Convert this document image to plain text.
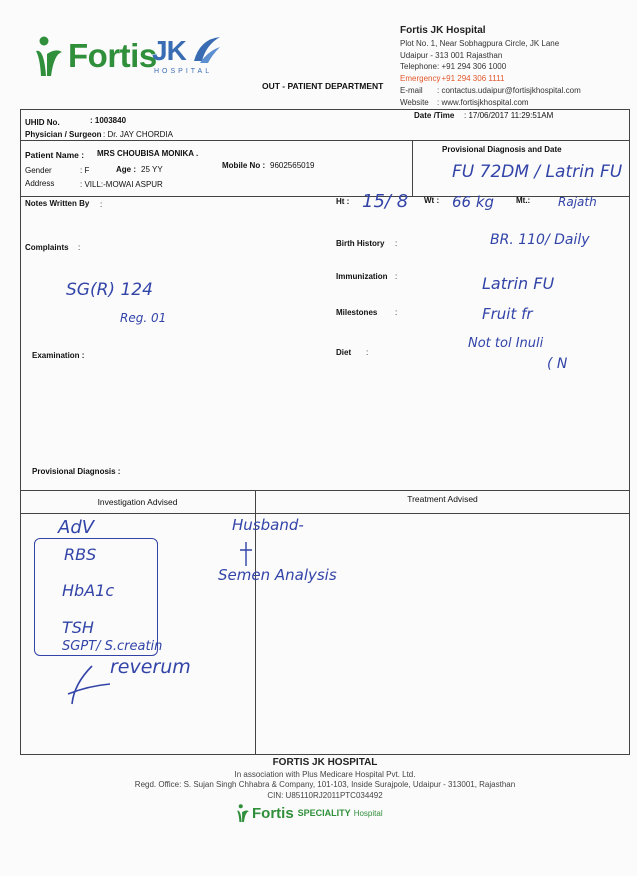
Fortis
JK
HOSPITAL
Fortis JK Hospital
Plot No. 1, Near Sobhagpura Circle, JK Lane
Udaipur - 313 001 Rajasthan
Telephone : +91 294 306 1000
Emergency
: +91 294 306 1111
E-mail	: contactus.udaipur@fortisjkhospital.com
Website	: www.fortisjkhospital.com
OUT - PATIENT DEPARTMENT
UHID No.	: 1003840
Date /Time : 17/06/2017 11:29:51AM
Physician / Surgeon : Dr. JAY CHORDIA
Patient Name : MRS CHOUBISA MONIKA .
Gender	: F	Age : 25 YY	Mobile No : 9602565019
Address	: VILL:-MOWAI ASPUR
Provisional Diagnosis and Date
FU 72DM / Latrin FU
Notes Written By :	Ht : 15/ 8 Wt : 66 kg	Mt.: Rajath
Complaints :
SG(R) 124
Reg. 01
Examination :
Birth History :	BR. 110/ Daily
Immunization :	Latrin FU
Milestones :	Fruit fr
Diet :
Not tol Inuli
( N
Provisional Diagnosis :
Investigation Advised	Treatment Advised
AdV
RBS
HbA1c
TSH
SGPT/ S.creatin
reverum
Husband-
Semen Analysis
FORTIS JK HOSPITAL
In association with Plus Medicare Hospital Pvt. Ltd.
Regd. Office: S. Sujan Singh Chhabra & Company, 101-103, Inside Surajpole, Udaipur - 313001, Rajasthan
CIN: U85110RJ2011PTC034492
Fortis SPECIALITY Hospital
